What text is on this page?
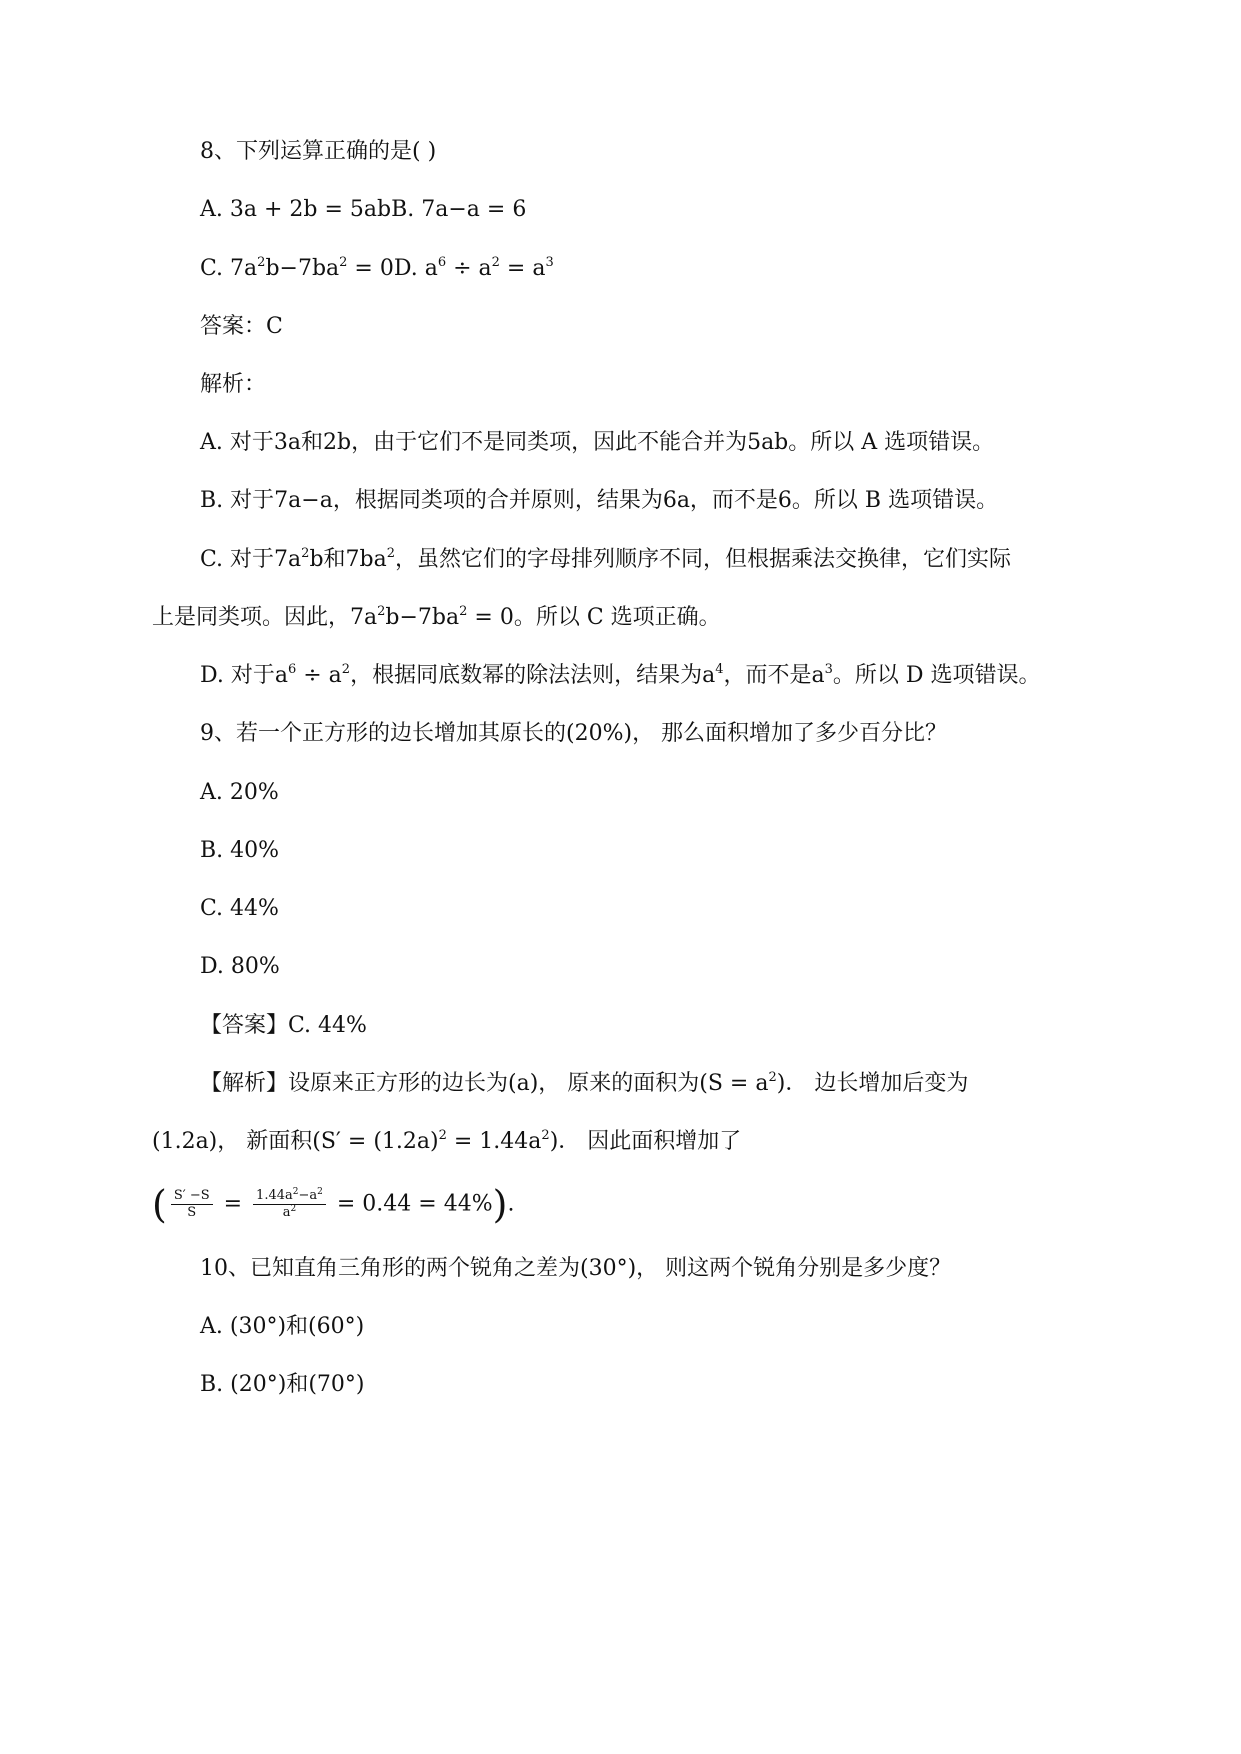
8、下列运算正确的是( )
A. 3a + 2b = 5abB. 7a−a = 6
C. $7a^2b-7ba^2 = 0D$. $a^6 \div a^2 = a^3$
答案：C
解析：
A. 对于3a和2b，由于它们不是同类项，因此不能合并为5ab。所以 A 选项错误。
B. 对于7a−a，根据同类项的合并原则，结果为6a，而不是6。所以 B 选项错误。
C. 对于$7a^2b$和$7ba^2$，虽然它们的字母排列顺序不同，但根据乘法交换律，它们实际
上是同类项。因此，$7a^2b-7ba^2 = 0$。所以 C 选项正确。
D. 对于$a^6 \div a^2$，根据同底数幂的除法法则，结果为$a^4$，而不是$a^3$。所以 D 选项错误。
9、若一个正方形的边长增加其原长的(20%)， 那么面积增加了多少百分比？
A. 20%
B. 40%
C. 44%
D. 80%
【答案】C. 44%
【解析】设原来正方形的边长为(a)， 原来的面积为$(S = a^2)$． 边长增加后变为
(1.2a)， 新面积$(S' = (1.2a)^2 = 1.44a^2)$． 因此面积增加了
( $\frac{S' -S}{S} = \frac{1.44a^2-a^2}{a^2} = 0.44 = 44\%$).
10、已知直角三角形的两个锐角之差为(30°)， 则这两个锐角分别是多少度？
A. (30°)和(60°)
B. (20°)和(70°)
